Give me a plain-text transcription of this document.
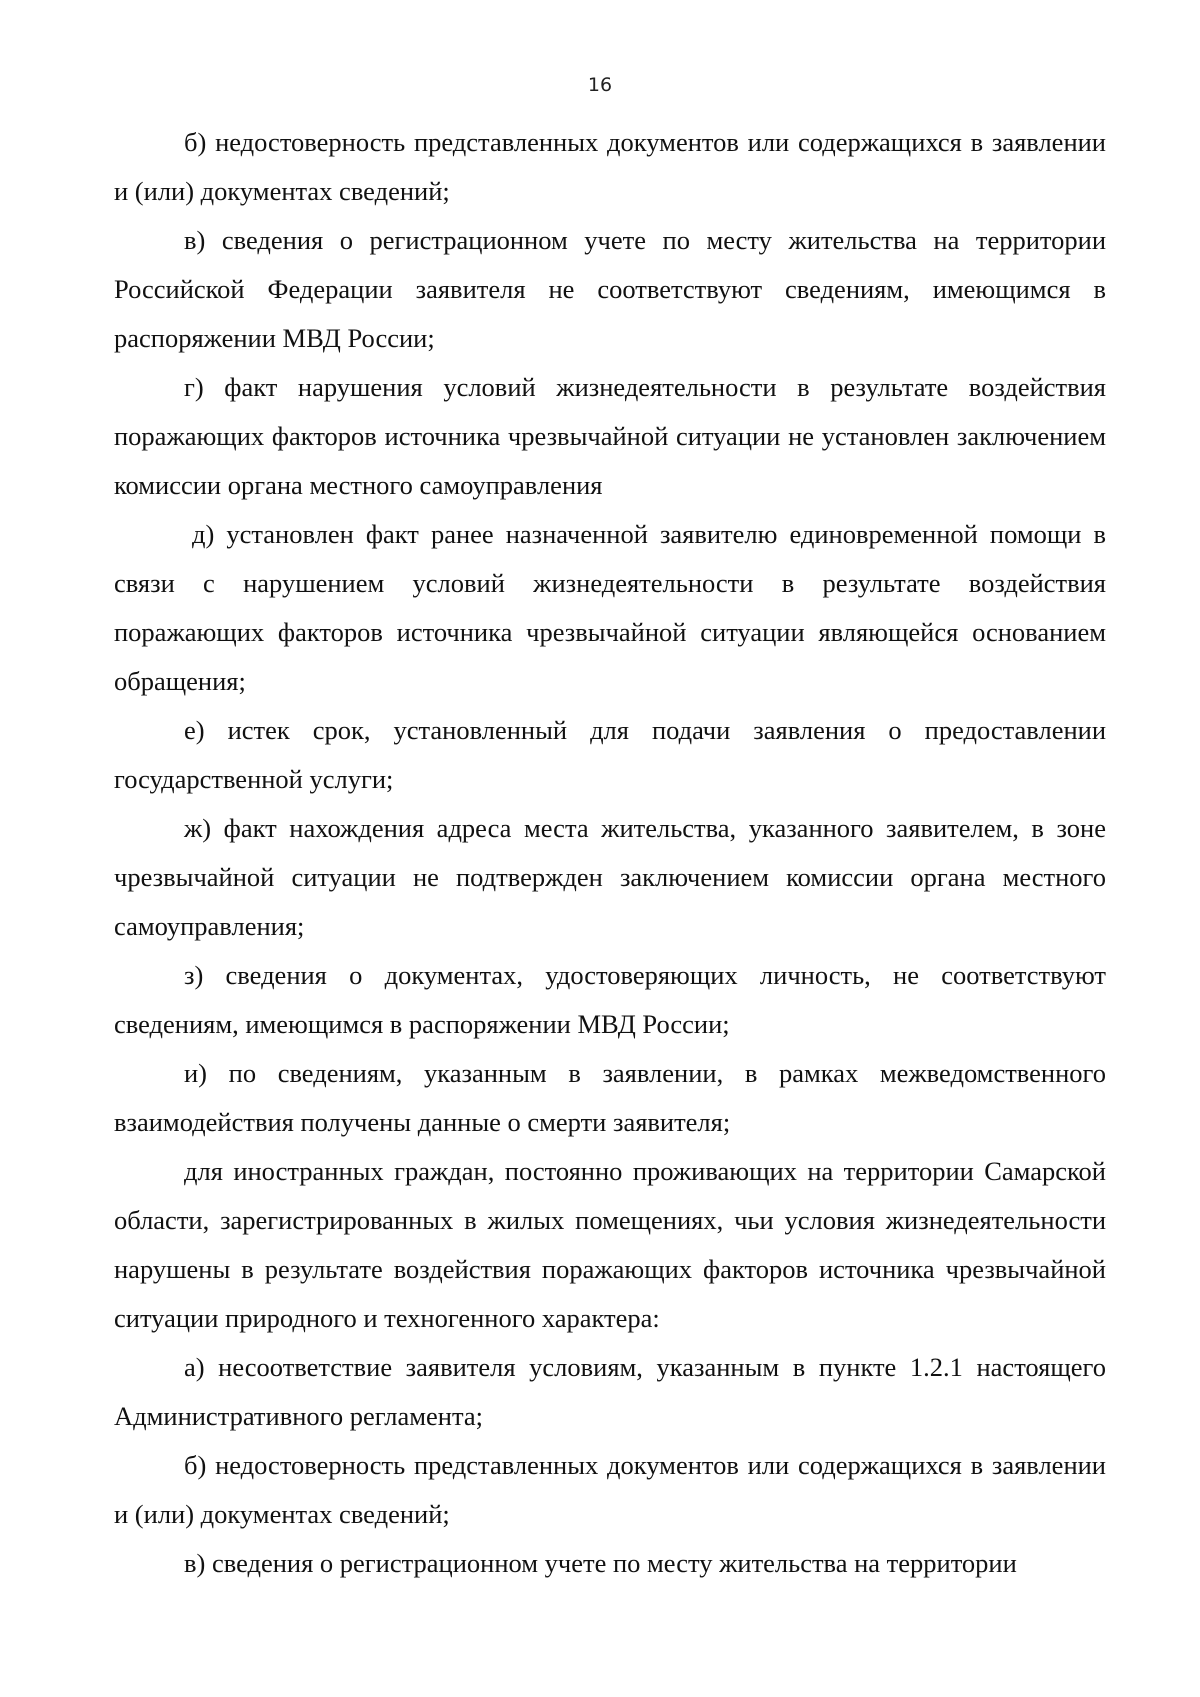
16

б) недостоверность представленных документов или содержащихся в заявлении и (или) документах сведений;

в) сведения о регистрационном учете по месту жительства на территории Российской Федерации заявителя не соответствуют сведениям, имеющимся в распоряжении МВД России;

г) факт нарушения условий жизнедеятельности в результате воздействия поражающих факторов источника чрезвычайной ситуации не установлен заключением комиссии органа местного самоуправления

д) установлен факт ранее назначенной заявителю единовременной помощи в связи с нарушением условий жизнедеятельности в результате воздействия поражающих факторов источника чрезвычайной ситуации являющейся основанием обращения;

е) истек срок, установленный для подачи заявления о предоставлении государственной услуги;

ж) факт нахождения адреса места жительства, указанного заявителем, в зоне чрезвычайной ситуации не подтвержден заключением комиссии органа местного самоуправления;

з) сведения о документах, удостоверяющих личность, не соответствуют сведениям, имеющимся в распоряжении МВД России;

и) по сведениям, указанным в заявлении, в рамках межведомственного взаимодействия получены данные о смерти заявителя;

для иностранных граждан, постоянно проживающих на территории Самарской области, зарегистрированных в жилых помещениях, чьи условия жизнедеятельности нарушены в результате воздействия поражающих факторов источника чрезвычайной ситуации природного и техногенного характера:

а) несоответствие заявителя условиям, указанным в пункте 1.2.1 настоящего Административного регламента;

б) недостоверность представленных документов или содержащихся в заявлении и (или) документах сведений;

в) сведения о регистрационном учете по месту жительства на территории
